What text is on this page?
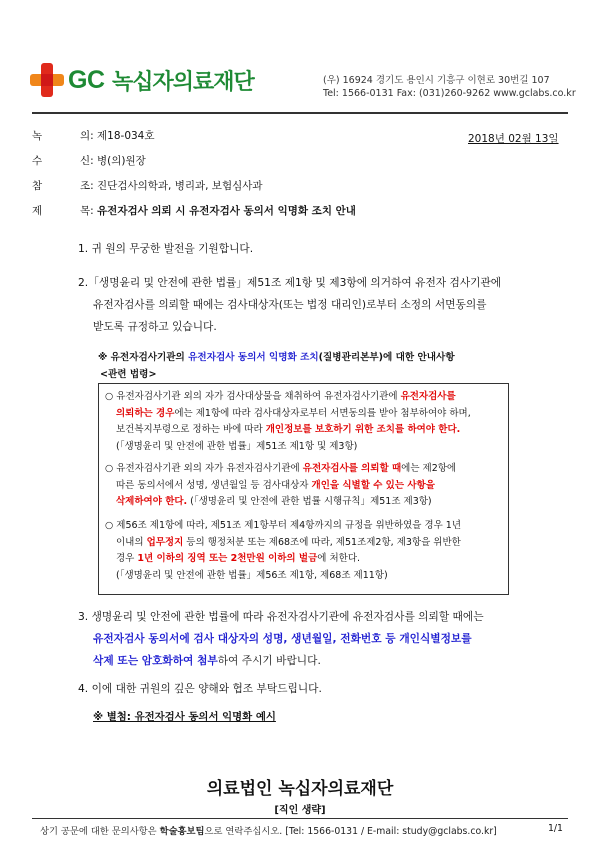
GC 녹십자의료재단	(우) 16924 경기도 용인시 기흥구 이현로 30번길 107
Tel: 1566-0131 Fax: (031)260-9262 www.gclabs.co.kr
녹	의: 제18-034호	2018년 02월 13일
수	신: 병(의)원장
참	조: 진단검사의학과, 병리과, 보험심사과
제	목: 유전자검사 의뢰 시 유전자검사 동의서 익명화 조치 안내
1. 귀 원의 무궁한 발전을 기원합니다.
2.「생명윤리 및 안전에 관한 법률」제51조 제1항 및 제3항에 의거하여 유전자 검사기관에
유전자검사를 의뢰할 때에는 검사대상자(또는 법정 대리인)로부터 소정의 서면동의를
받도록 규정하고 있습니다.
※ 유전자검사기관의 유전자검사 동의서 익명화 조치(질병관리본부)에 대한 안내사항
<관련 법령>
○ 유전자검사기관 외의 자가 검사대상물을 채취하여 유전자검사기관에 유전자검사를
의뢰하는 경우에는 제1항에 따라 검사대상자로부터 서면동의를 받아 첨부하여야 하며,
보건복지부령으로 정하는 바에 따라 개인정보를 보호하기 위한 조치를 하여야 한다.
(「생명윤리 및 안전에 관한 법률」제51조 제1항 및 제3항)
○ 유전자검사기관 외의 자가 유전자검사기관에 유전자검사를 의뢰할 때에는 제2항에
따른 동의서에서 성명, 생년월일 등 검사대상자 개인을 식별할 수 있는 사항을
삭제하여야 한다. (「생명윤리 및 안전에 관한 법률 시행규칙」제51조 제3항)
○ 제56조 제1항에 따라, 제51조 제1항부터 제4항까지의 규정을 위반하였을 경우 1년
이내의 업무정지 등의 행정처분 또는 제68조에 따라, 제51조제2항, 제3항을 위반한
경우 1년 이하의 징역 또는 2천만원 이하의 벌금에 처한다.
(「생명윤리 및 안전에 관한 법률」제56조 제1항, 제68조 제11항)
3. 생명윤리 및 안전에 관한 법률에 따라 유전자검사기관에 유전자검사를 의뢰할 때에는
유전자검사 동의서에 검사 대상자의 성명, 생년월일, 전화번호 등 개인식별정보를
삭제 또는 암호화하여 첨부하여 주시기 바랍니다.
4. 이에 대한 귀원의 깊은 양해와 협조 부탁드립니다.
※ 별첨: 유전자검사 동의서 익명화 예시
의료법인 녹십자의료재단
[직인 생략]
상기 공문에 대한 문의사항은 학술홍보팀으로 연락주십시오. [Tel: 1566-0131 / E-mail: study@gclabs.co.kr]	1/1
